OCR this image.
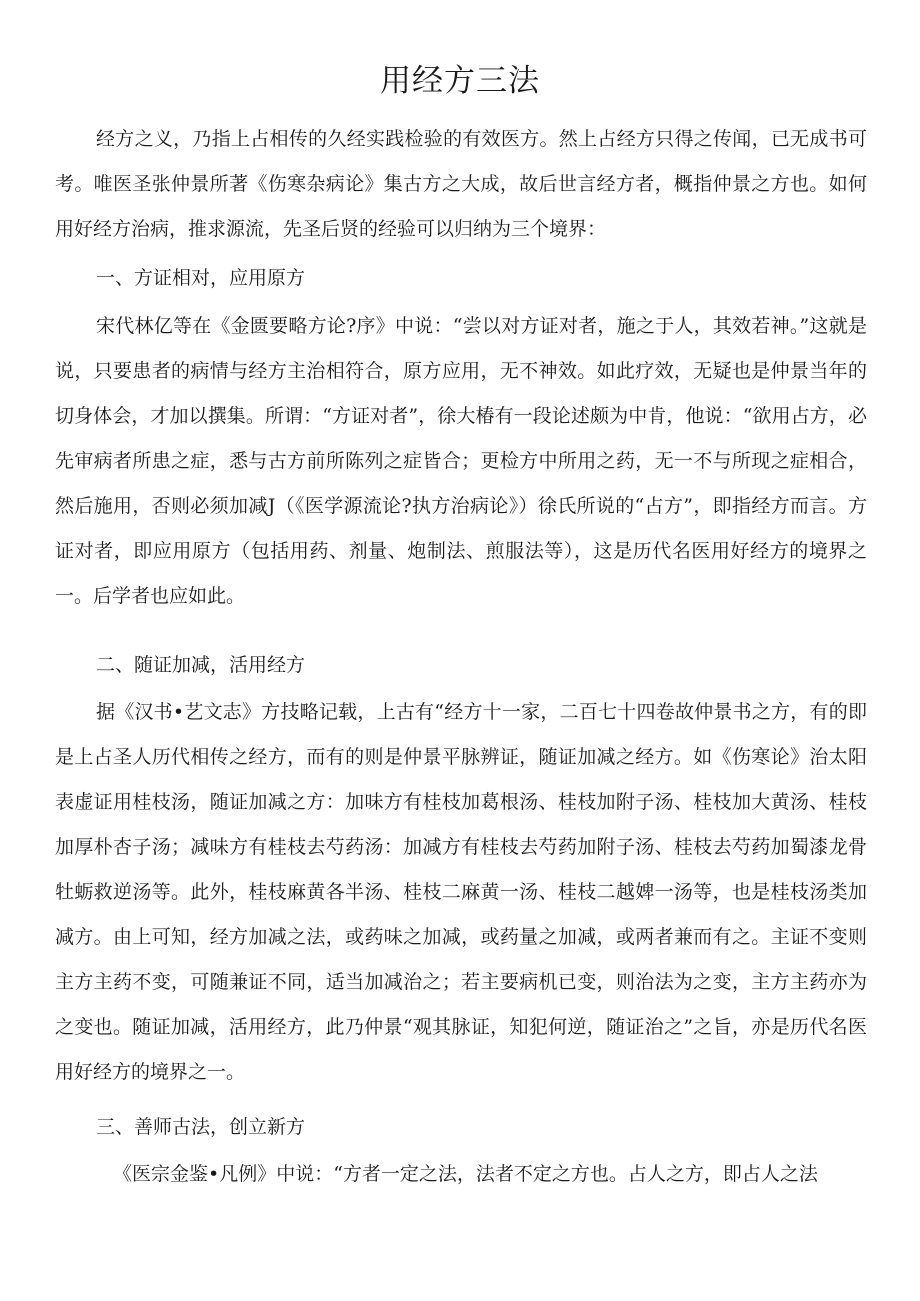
用经方三法

经方之义，乃指上占相传的久经实践检验的有效医方。然上占经方只得之传闻，已无成书可考。唯医圣张仲景所著《伤寒杂病论》集古方之大成，故后世言经方者，概指仲景之方也。如何用好经方治病，推求源流，先圣后贤的经验可以归纳为三个境界：

一、方证相对，应用原方

宋代林亿等在《金匮要略方论?序》中说：“尝以对方证对者，施之于人，其效若神。”这就是说，只要患者的病情与经方主治相符合，原方应用，无不神效。如此疗效，无疑也是仲景当年的切身体会，才加以撰集。所谓：“方证对者”，徐大椿有一段论述颇为中肯，他说：“欲用占方，必先审病者所患之症，悉与古方前所陈列之症皆合；更检方中所用之药，无一不与所现之症相合，然后施用，否则必须加减J（《医学源流论?执方治病论》）徐氏所说的“占方”，即指经方而言。方证对者，即应用原方（包括用药、剂量、炮制法、煎服法等），这是历代名医用好经方的境界之一。后学者也应如此。

二、随证加减，活用经方

据《汉书•艺文志》方技略记载，上古有“经方十一家，二百七十四卷故仲景书之方，有的即是上占圣人历代相传之经方，而有的则是仲景平脉辨证，随证加减之经方。如《伤寒论》治太阳表虚证用桂枝汤，随证加减之方：加味方有桂枝加葛根汤、桂枝加附子汤、桂枝加大黄汤、桂枝加厚朴杏子汤；减味方有桂枝去芍药汤：加减方有桂枝去芍药加附子汤、桂枝去芍药加蜀漆龙骨牡蛎救逆汤等。此外，桂枝麻黄各半汤、桂枝二麻黄一汤、桂枝二越婢一汤等，也是桂枝汤类加减方。由上可知，经方加减之法，或药味之加减，或药量之加减，或两者兼而有之。主证不变则主方主药不变，可随兼证不同，适当加减治之；若主要病机已变，则治法为之变，主方主药亦为之变也。随证加减，活用经方，此乃仲景“观其脉证，知犯何逆，随证治之”之旨，亦是历代名医用好经方的境界之一。

三、善师古法，创立新方

《医宗金鉴•凡例》中说：“方者一定之法，法者不定之方也。占人之方，即占人之法
